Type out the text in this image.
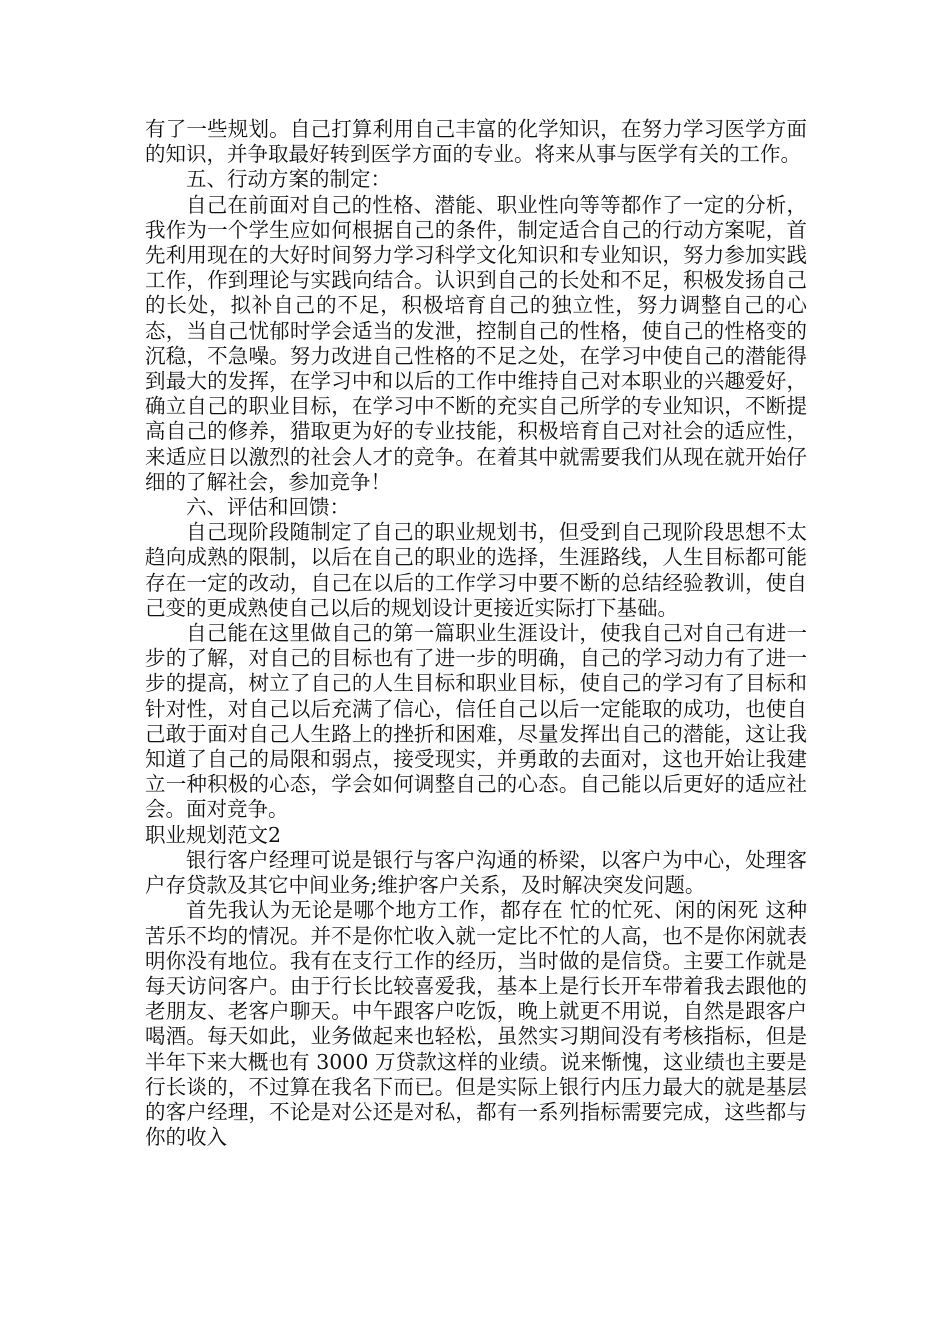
有了一些规划。自己打算利用自己丰富的化学知识，在努力学习医学方面的知识，并争取最好转到医学方面的专业。将来从事与医学有关的工作。

五、行动方案的制定：

自己在前面对自己的性格、潜能、职业性向等等都作了一定的分析，我作为一个学生应如何根据自己的条件，制定适合自己的行动方案呢，首先利用现在的大好时间努力学习科学文化知识和专业知识，努力参加实践工作，作到理论与实践向结合。认识到自己的长处和不足，积极发扬自己的长处，拟补自己的不足，积极培育自己的独立性，努力调整自己的心态，当自己忧郁时学会适当的发泄，控制自己的性格，使自己的性格变的沉稳，不急噪。努力改进自己性格的不足之处，在学习中使自己的潜能得到最大的发挥，在学习中和以后的工作中维持自己对本职业的兴趣爱好，确立自己的职业目标，在学习中不断的充实自己所学的专业知识，不断提高自己的修养，猎取更为好的专业技能，积极培育自己对社会的适应性，来适应日以激烈的社会人才的竞争。在着其中就需要我们从现在就开始仔细的了解社会，参加竞争！

六、评估和回馈：

自己现阶段随制定了自己的职业规划书，但受到自己现阶段思想不太趋向成熟的限制，以后在自己的职业的选择，生涯路线，人生目标都可能存在一定的改动，自己在以后的工作学习中要不断的总结经验教训，使自己变的更成熟使自己以后的规划设计更接近实际打下基础。

自己能在这里做自己的第一篇职业生涯设计，使我自己对自己有进一步的了解，对自己的目标也有了进一步的明确，自己的学习动力有了进一步的提高，树立了自己的人生目标和职业目标，使自己的学习有了目标和针对性，对自己以后充满了信心，信任自己以后一定能取的成功，也使自己敢于面对自己人生路上的挫折和困难，尽量发挥出自己的潜能，这让我知道了自己的局限和弱点，接受现实，并勇敢的去面对，这也开始让我建立一种积极的心态，学会如何调整自己的心态。自己能以后更好的适应社会。面对竞争。

职业规划范文2

银行客户经理可说是银行与客户沟通的桥梁，以客户为中心，处理客户存贷款及其它中间业务;维护客户关系，及时解决突发问题。

首先我认为无论是哪个地方工作，都存在 忙的忙死、闲的闲死 这种苦乐不均的情况。并不是你忙收入就一定比不忙的人高，也不是你闲就表明你没有地位。我有在支行工作的经历，当时做的是信贷。主要工作就是每天访问客户。由于行长比较喜爱我，基本上是行长开车带着我去跟他的老朋友、老客户聊天。中午跟客户吃饭，晚上就更不用说，自然是跟客户喝酒。每天如此，业务做起来也轻松，虽然实习期间没有考核指标，但是半年下来大概也有 3000 万贷款这样的业绩。说来惭愧，这业绩也主要是行长谈的，不过算在我名下而已。但是实际上银行内压力最大的就是基层的客户经理，不论是对公还是对私，都有一系列指标需要完成，这些都与你的收入
